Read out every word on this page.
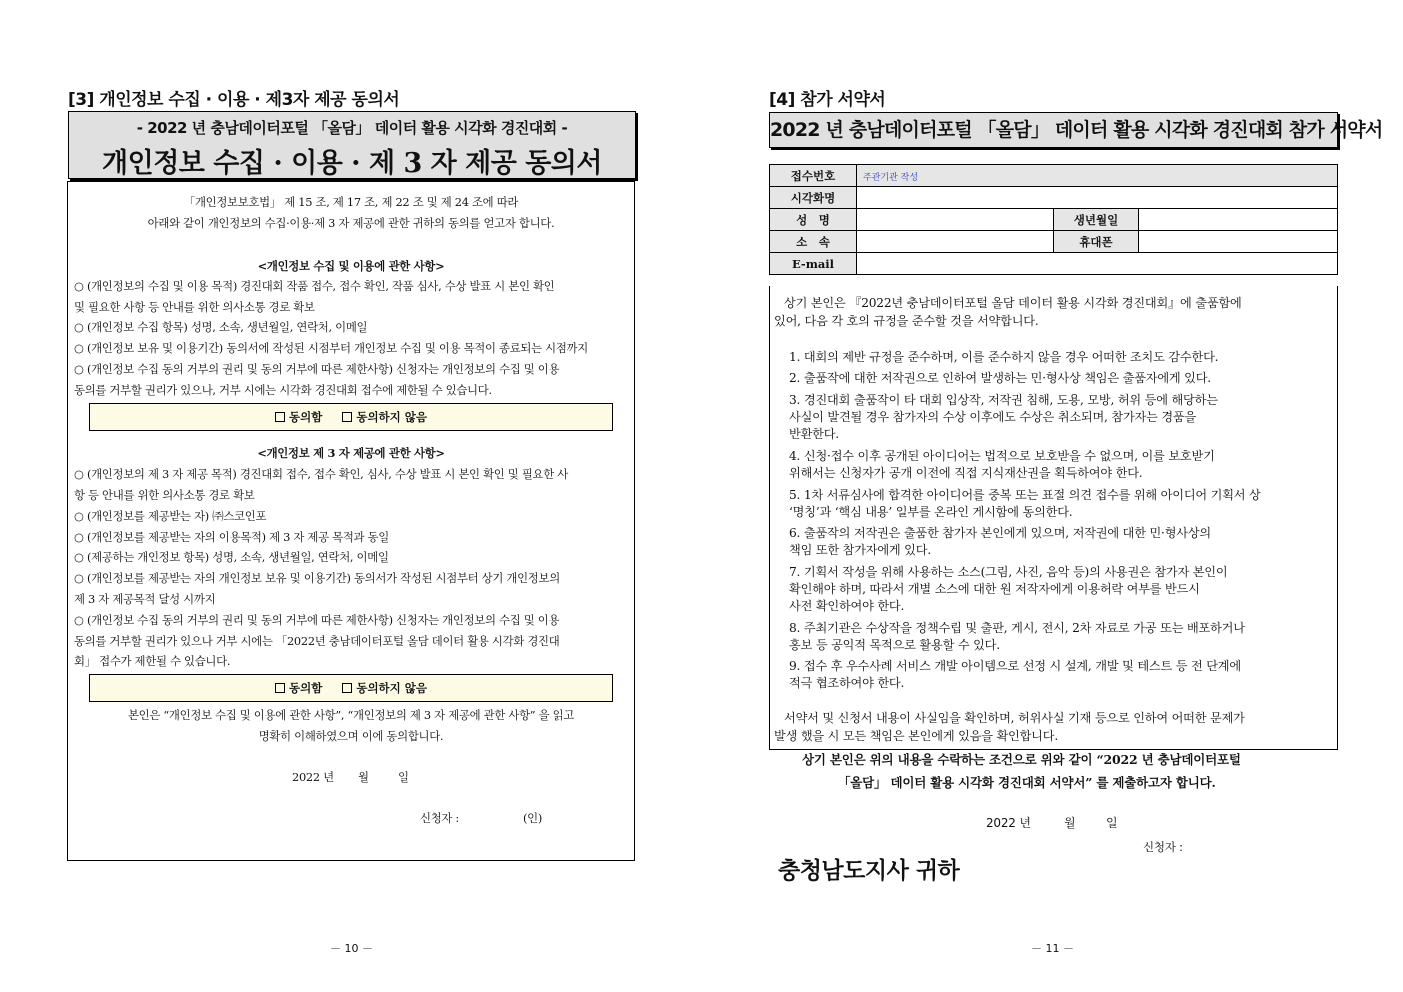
[3] 개인정보 수집 · 이용 · 제3자 제공 동의서
- 2022 년 충남데이터포털 「올담」 데이터 활용 시각화 경진대회 -
개인정보 수집 · 이용 · 제 3 자 제공 동의서
「개인정보보호법」 제 15 조, 제 17 조, 제 22 조 및 제 24 조에 따라
아래와 같이 개인정보의 수집·이용·제 3 자 제공에 관한 귀하의 동의를 얻고자 합니다.
<개인정보 수집 및 이용에 관한 사항>
○ (개인정보의 수집 및 이용 목적) 경진대회 작품 접수, 접수 확인, 작품 심사, 수상 발표 시 본인 확인
및 필요한 사항 등 안내를 위한 의사소통 경로 확보
○ (개인정보 수집 항목) 성명, 소속, 생년월일, 연락처, 이메일
○ (개인정보 보유 및 이용기간) 동의서에 작성된 시점부터 개인정보 수집 및 이용 목적이 종료되는 시점까지
○ (개인정보 수집 동의 거부의 권리 및 동의 거부에 따른 제한사항) 신청자는 개인정보의 수집 및 이용
동의를 거부할 권리가 있으나, 거부 시에는 시각화 경진대회 접수에 제한될 수 있습니다.
동의함	동의하지 않음
<개인정보 제 3 자 제공에 관한 사항>
○ (개인정보의 제 3 자 제공 목적) 경진대회 접수, 접수 확인, 심사, 수상 발표 시 본인 확인 및 필요한 사
항 등 안내를 위한 의사소통 경로 확보
○ (개인정보를 제공받는 자) ㈜스코인포
○ (개인정보를 제공받는 자의 이용목적) 제 3 자 제공 목적과 동일
○ (제공하는 개인정보 항목) 성명, 소속, 생년월일, 연락처, 이메일
○ (개인정보를 제공받는 자의 개인정보 보유 및 이용기간) 동의서가 작성된 시점부터 상기 개인정보의
제 3 자 제공목적 달성 시까지
○ (개인정보 수집 동의 거부의 권리 및 동의 거부에 따른 제한사항) 신청자는 개인정보의 수집 및 이용
동의를 거부할 권리가 있으나 거부 시에는 「2022년 충남데이터포털 올담 데이터 활용 시각화 경진대
회」 접수가 제한될 수 있습니다.
동의함	동의하지 않음
본인은 “개인정보 수집 및 이용에 관한 사항”, “개인정보의 제 3 자 제공에 관한 사항” 을 읽고
명확히 이해하였으며 이에 동의합니다.
2022 년	월	일
신청자 :	(인)
－ 10 －
[4] 참가 서약서
2022 년 충남데이터포털 「올담」 데이터 활용 시각화 경진대회 참가 서약서
접수번호	주관기관 작성		
시각화명			
성　명		생년월일	
소　속		휴대폰	
E-mail			
상기 본인은 『2022년 충남데이터포털 올담 데이터 활용 시각화 경진대회』에 출품함에
있어, 다음 각 호의 규정을 준수할 것을 서약합니다.
1. 대회의 제반 규정을 준수하며, 이를 준수하지 않을 경우 어떠한 조치도 감수한다.
2. 출품작에 대한 저작권으로 인하여 발생하는 민·형사상 책임은 출품자에게 있다.
3. 경진대회 출품작이 타 대회 입상작, 저작권 침해, 도용, 모방, 허위 등에 해당하는
사실이 발견될 경우 참가자의 수상 이후에도 수상은 취소되며, 참가자는 경품을
반환한다.
4. 신청·접수 이후 공개된 아이디어는 법적으로 보호받을 수 없으며, 이를 보호받기
위해서는 신청자가 공개 이전에 직접 지식재산권을 획득하여야 한다.
5. 1차 서류심사에 합격한 아이디어를 중복 또는 표절 의견 접수를 위해 아이디어 기획서 상
‘명칭’과 ‘핵심 내용’ 일부를 온라인 게시함에 동의한다.
6. 출품작의 저작권은 출품한 참가자 본인에게 있으며, 저작권에 대한 민·형사상의
책임 또한 참가자에게 있다.
7. 기획서 작성을 위해 사용하는 소스(그림, 사진, 음악 등)의 사용권은 참가자 본인이
확인해야 하며, 따라서 개별 소스에 대한 원 저작자에게 이용허락 여부를 반드시
사전 확인하여야 한다.
8. 주최기관은 수상작을 정책수립 및 출판, 게시, 전시, 2차 자료로 가공 또는 배포하거나
홍보 등 공익적 목적으로 활용할 수 있다.
9. 접수 후 우수사례 서비스 개발 아이템으로 선정 시 설계, 개발 및 테스트 등 전 단계에
적극 협조하여야 한다.
서약서 및 신청서 내용이 사실임을 확인하며, 허위사실 기재 등으로 인하여 어떠한 문제가
발생 했을 시 모든 책임은 본인에게 있음을 확인합니다.
상기 본인은 위의 내용을 수락하는 조건으로 위와 같이 “2022 년 충남데이터포털
「올담」 데이터 활용 시각화 경진대회 서약서” 를 제출하고자 합니다.
2022 년	월	일
신청자 :
충청남도지사 귀하
－ 11 －
